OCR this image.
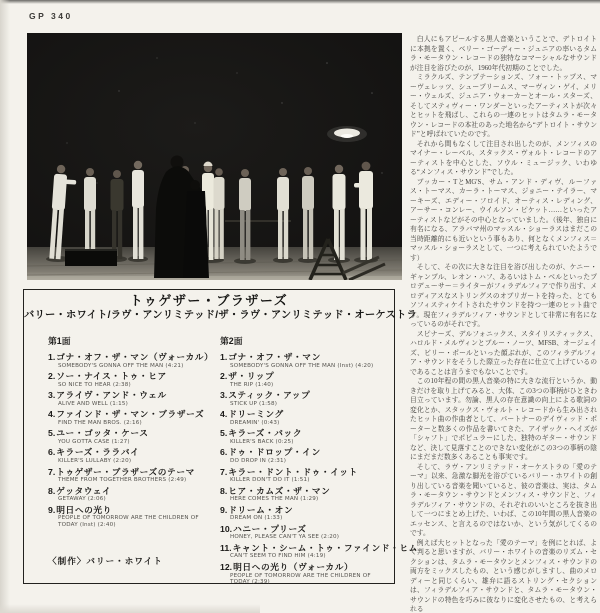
GP 340
トゥゲザー・ブラザーズ
バリー・ホワイト/ラヴ・アンリミテッド/ザ・ラヴ・アンリミテッド・オーケストラ
第1面
1.ゴナ・オフ・ザ・マン（ヴォーカル）
SOMEBODY'S GONNA OFF THE MAN (4:21)
2.ソー・ナイス・トゥ・ヒア
SO NICE TO HEAR (2:38)
3.アライヴ・アンド・ウェル
ALIVE AND WELL (1:15)
4.ファインド・ザ・マン・ブラザーズ
FIND THE MAN BROS. (2:16)
5.ユー・ゴッタ・ケース
YOU GOTTA CASE (1:27)
6.キラーズ・ララバイ
KILLER'S LULLABY (2:20)
7.トゥゲザー・ブラザーズのテーマ
THEME FROM TOGETHER BROTHERS (2:49)
8.ゲッタウェイ
GETAWAY (2:06)
9.明日への光り
PEOPLE OF TOMORROW ARE THE CHILDREN OF TODAY (Inst) (2:40)
〈制作〉バリー・ホワイト
第2面
1.ゴナ・オフ・ザ・マン
SOMEBODY'S GONNA OFF THE MAN (Inst) (4:20)
2.ザ・リップ
THE RIP (1:40)
3.スティック・アップ
STICK UP (1:58)
4.ドリーミング
DREAMIN' (0:43)
5.キラーズ・バック
KILLER'S BACK (0:25)
6.ドゥ・ドロップ・イン
DO DROP IN (2:31)
7.キラー・ドント・ドゥ・イット
KILLER DON'T DO IT (1:51)
8.ヒア・カムズ・ザ・マン
HERE COMES THE MAN (1:29)
9.ドリーム・オン
DREAM ON (1:33)
10.ハニー・プリーズ
HONEY, PLEASE CAN'T YA SEE (2:20)
11.キャント・シーム・トゥ・ファインド・ヒム
CAN'T SEEM TO FIND HIM (4:19)
12.明日への光り（ヴォーカル）
PEOPLE OF TOMORROW ARE THE CHILDREN OF TODAY (2:39)

白人にもアピールする黒人音楽ということで、デトロイトに本拠を置く、ベリー・ゴーディー・ジュニアの率いるタムラ・モータウン・レコードの独特なコマーシャルなサウンドが注目を浴びたのが、1960年代初期のことでした。

ミラクルズ、テンプテーションズ、フォー・トップス、マーヴェレッツ、シュープリームス、マーヴィン・ゲイ、メリー・ウェルズ、ジュニア・ウォーカーとオール・スターズ、そしてスティヴィー・ワンダーといったアーティストが次々とヒットを飛ばし、これらの一連のヒットはタムラ・モータウン・レコードの本社のあった地名から“デトロイト・サウンド”と呼ばれていたのです。

それから間もなくして注目され出したのが、メンフィスのマイナー・レーベル、スタックス・ヴォルト・レコードのアーティストを中心とした、ソウル・ミュージック、いわゆる“メンフィス・サウンド”でした。

ブッカー・TとMG'S、サム・アンド・ディヴ、ルーファス・トーマス、カーラ・トーマス、ジョニー・テイラー、マーキーズ、エディー・フロイド、オーティス・レディング、アーサー・コンレー、ウイルソン・ピケット……といったアーティストなどがその中心となっていました。（後年、独自に有名になる、アラバマ州のマッスル・ショーラスはまだこの当時距離的にも近いという事もあり、何となくメンフィス＝マッスル・ショーラスとして、一つに考えられていたようです）

そして、その次に大きな注目を浴び出したのが、ケニー・ギャンブル、レオン・ハフ、あるいはトム・ベルといったプロデューサー＝ライターがフィラデルフィアで作り出す、メロディアスなストリングスのオブリガートを持った、とてもソフィスティケイトされたサウンドを持つ一連のヒット曲です。現在フィラデルフィア・サウンドとして非常に有名になっているのがそれです。

スピナーズ、デルフォニックス、スタイリスティックス、ハロルド・メルヴィンとブルー・ノーツ、MFSB、オージェイズ、ビリー・ポールといった顔ぶれが、このフィラデルフィア・サウンドをそうした際立った存在に仕立て上げているのであることは言うまでもないことです。

この10年程の間の黒人音楽の特に大きな流行というか、動きだけを取り上げてみると、大体、この3つの事柄がひときわ目立っています。勿論、黒人の存在意識の向上による歌詞の変化とか、スタックス・ヴォルト・レコードから生み出されたヒット曲の作曲者として、パートナーのデイヴィッド・ポーターと数多くの作品を書いてきた、アイザック・ヘイズが「シャフト」でポピュラーにした、独特のギター・サウンドなど、決して見落すことのできない変化がこの3つの事柄の陰にまだまだ数多くあることも事実です。

そして、ラヴ・アンリミテッド・オーケストラの「愛のテーマ」以来、急激な脚光を浴びているバリー・ホワイトの創り出している音楽を聞いていると、彼の音楽は、実は、タムラ・モータウン・サウンドとメンフィス・サウンドと、フィラデルフィア・サウンドの、それぞれのいいところを抜き出して一つにまとめ上げた、いわば、この10年間の黒人音楽のエッセンス、と言えるのではないか、という気がしてくるのです。

例えば大ヒットとなった「愛のテーマ」を例にとれば、よく判ると思いますが、バリー・ホワイトの音楽のリズム・セクションは、タムラ・モータウンとメンフィス・サウンドの両方をミックスしたもの、という感じがしますし、曲のメロディーと同じくらい、雄弁に語るストリング・セクションは、フィラデルフィア・サウンドと、タムラ・モータウン・サウンドの特色を巧みに彼なりに変化させたもの、と考えられる
